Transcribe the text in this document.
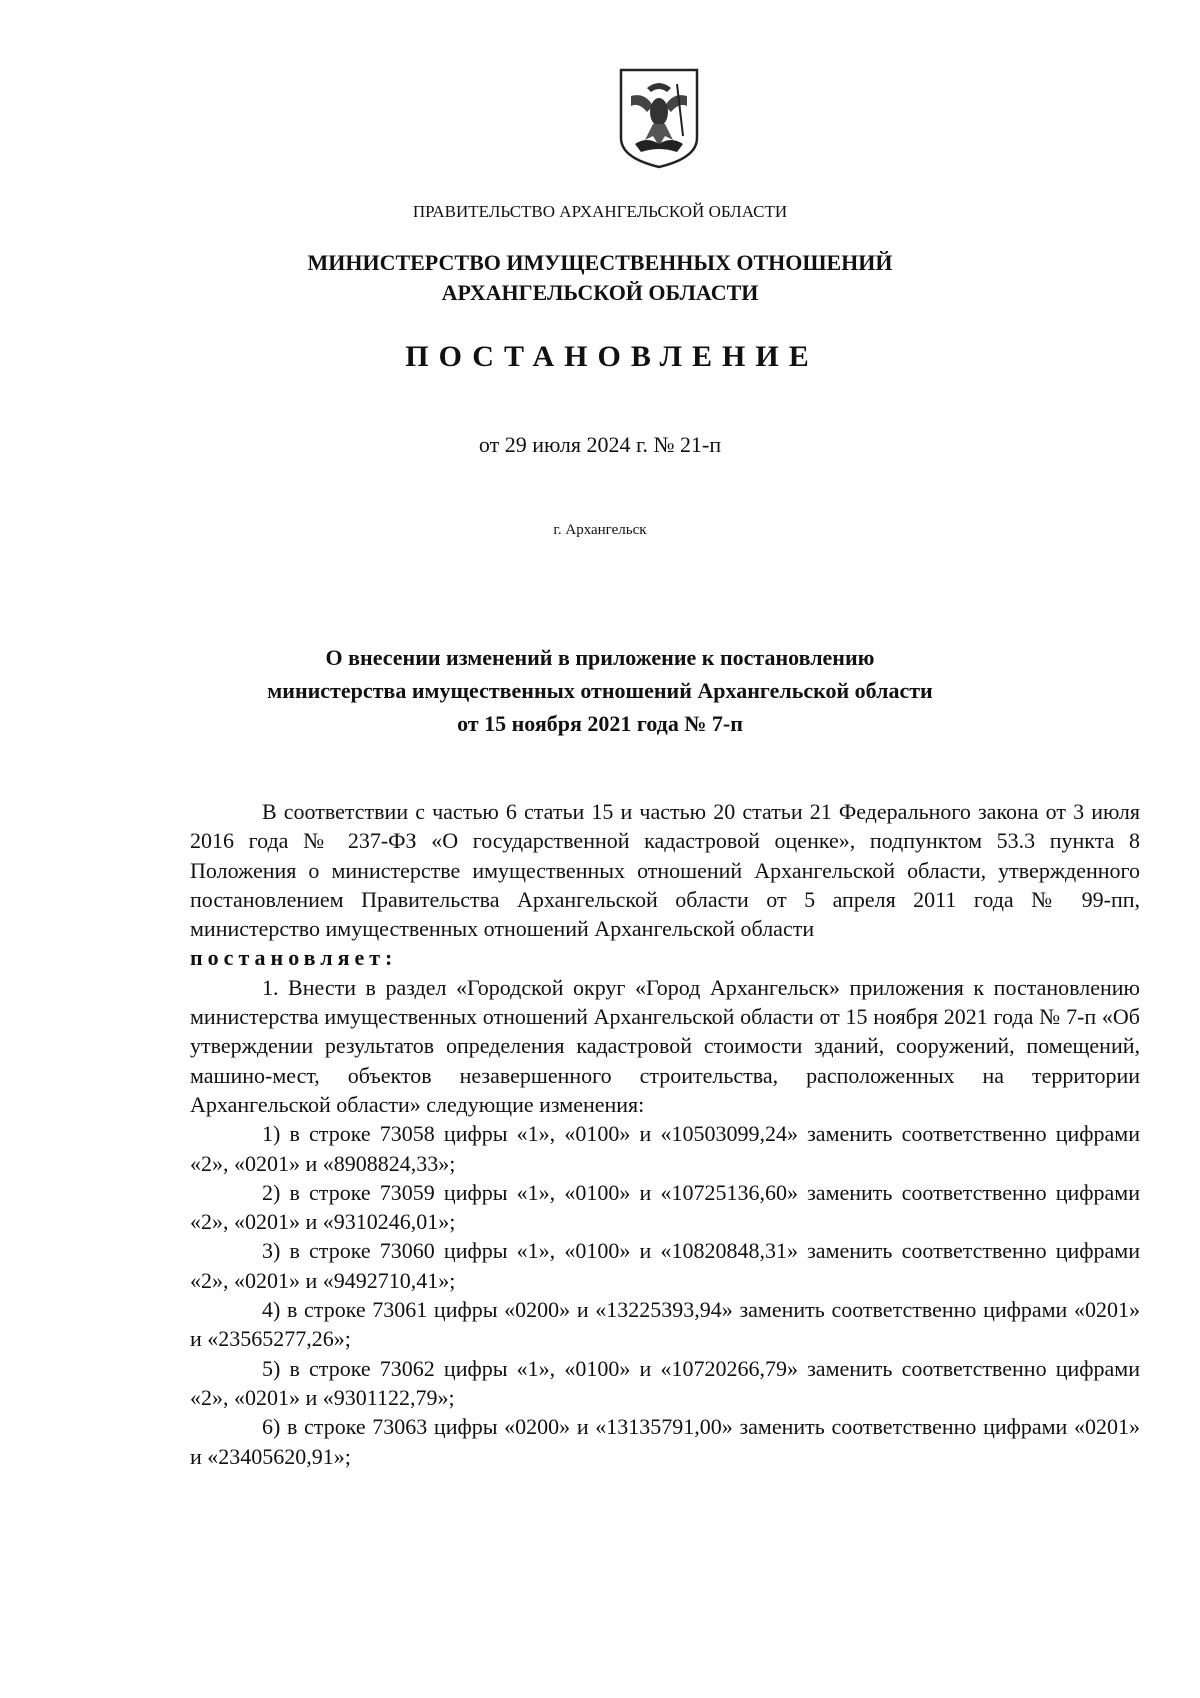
ПРАВИТЕЛЬСТВО АРХАНГЕЛЬСКОЙ ОБЛАСТИ
МИНИСТЕРСТВО ИМУЩЕСТВЕННЫХ ОТНОШЕНИЙ
АРХАНГЕЛЬСКОЙ ОБЛАСТИ
ПОСТАНОВЛЕНИЕ
от 29 июля 2024 г. № 21-п
г. Архангельск
О внесении изменений в приложение к постановлению
министерства имущественных отношений Архангельской области
от 15 ноября 2021 года № 7-п

В соответствии с частью 6 статьи 15 и частью 20 статьи 21 Федерального закона от 3 июля 2016 года № 237-ФЗ «О государственной кадастровой оценке», подпунктом 53.3 пункта 8 Положения о министерстве имущественных отношений Архангельской области, утвержденного постановлением Правительства Архангельской области от 5 апреля 2011 года № 99-пп, министерство имущественных отношений Архангельской области

постановляет:

1. Внести в раздел «Городской округ «Город Архангельск» приложения к постановлению министерства имущественных отношений Архангельской области от 15 ноября 2021 года № 7-п «Об утверждении результатов определения кадастровой стоимости зданий, сооружений, помещений, машино-мест, объектов незавершенного строительства, расположенных на территории Архангельской области» следующие изменения:

1) в строке 73058 цифры «1», «0100» и «10503099,24» заменить соответственно цифрами «2», «0201» и «8908824,33»;

2) в строке 73059 цифры «1», «0100» и «10725136,60» заменить соответственно цифрами «2», «0201» и «9310246,01»;

3) в строке 73060 цифры «1», «0100» и «10820848,31» заменить соответственно цифрами «2», «0201» и «9492710,41»;

4) в строке 73061 цифры «0200» и «13225393,94» заменить соответственно цифрами «0201» и «23565277,26»;

5) в строке 73062 цифры «1», «0100» и «10720266,79» заменить соответственно цифрами «2», «0201» и «9301122,79»;

6) в строке 73063 цифры «0200» и «13135791,00» заменить соответственно цифрами «0201» и «23405620,91»;
